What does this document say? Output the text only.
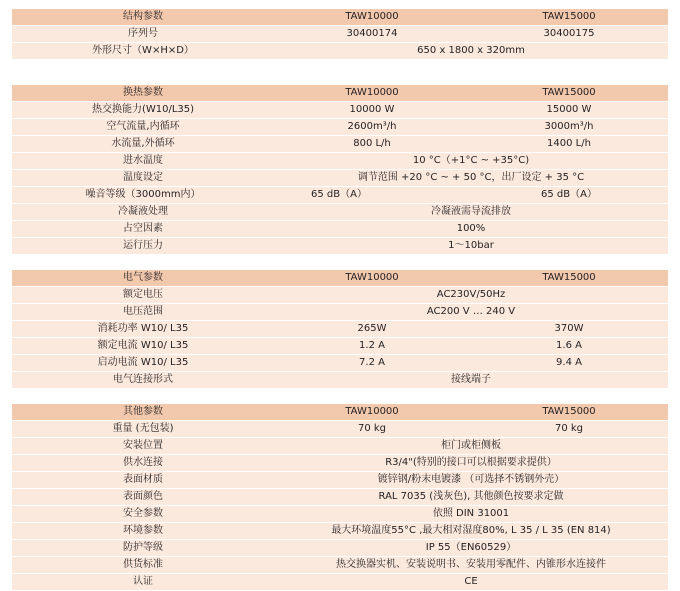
结构参数	TAW10000	TAW15000
序列号	30400174	30400175
外形尺寸（W×H×D）	650 x 1800 x 320mm
换热参数	TAW10000	TAW15000
热交换能力(W10/L35)	10000 W	15000 W
空气流量,内循环	2600m³/h	3000m³/h
水流量,外循环	800 L/h	1400 L/h
进水温度	10 °C（+1°C ~ +35°C)
温度设定	调节范围 +20 °C ~ + 50 °C，出厂设定 + 35 °C
噪音等级（3000mm内）	65 dB（A）	65 dB（A）
冷凝液处理	冷凝液需导流排放
占空因素	100%
运行压力	1～10bar
电气参数	TAW10000	TAW15000
额定电压	AC230V/50Hz
电压范围	AC200 V … 240 V
消耗功率 W10/ L35	265W	370W
额定电流 W10/ L35	1.2 A	1.6 A
启动电流 W10/ L35	7.2 A	9.4 A
电气连接形式	接线端子
其他参数	TAW10000	TAW15000
重量 (无包装)	70 kg	70 kg
安装位置	柜门或柜侧板
供水连接	R3/4"(特别的接口可以根据要求提供）
表面材质	镀锌钢/粉末电镀漆 （可选择不锈钢外壳）
表面颜色	RAL 7035 (浅灰色), 其他颜色按要求定做
安全参数	依照 DIN 31001
环境参数	最大环境温度55°C ,最大相对湿度80%, L 35 / L 35 (EN 814)
防护等级	IP 55（EN60529）
供货标准	热交换器实机、安装说明书、安装用零配件、内锥形水连接件
认证	CE
